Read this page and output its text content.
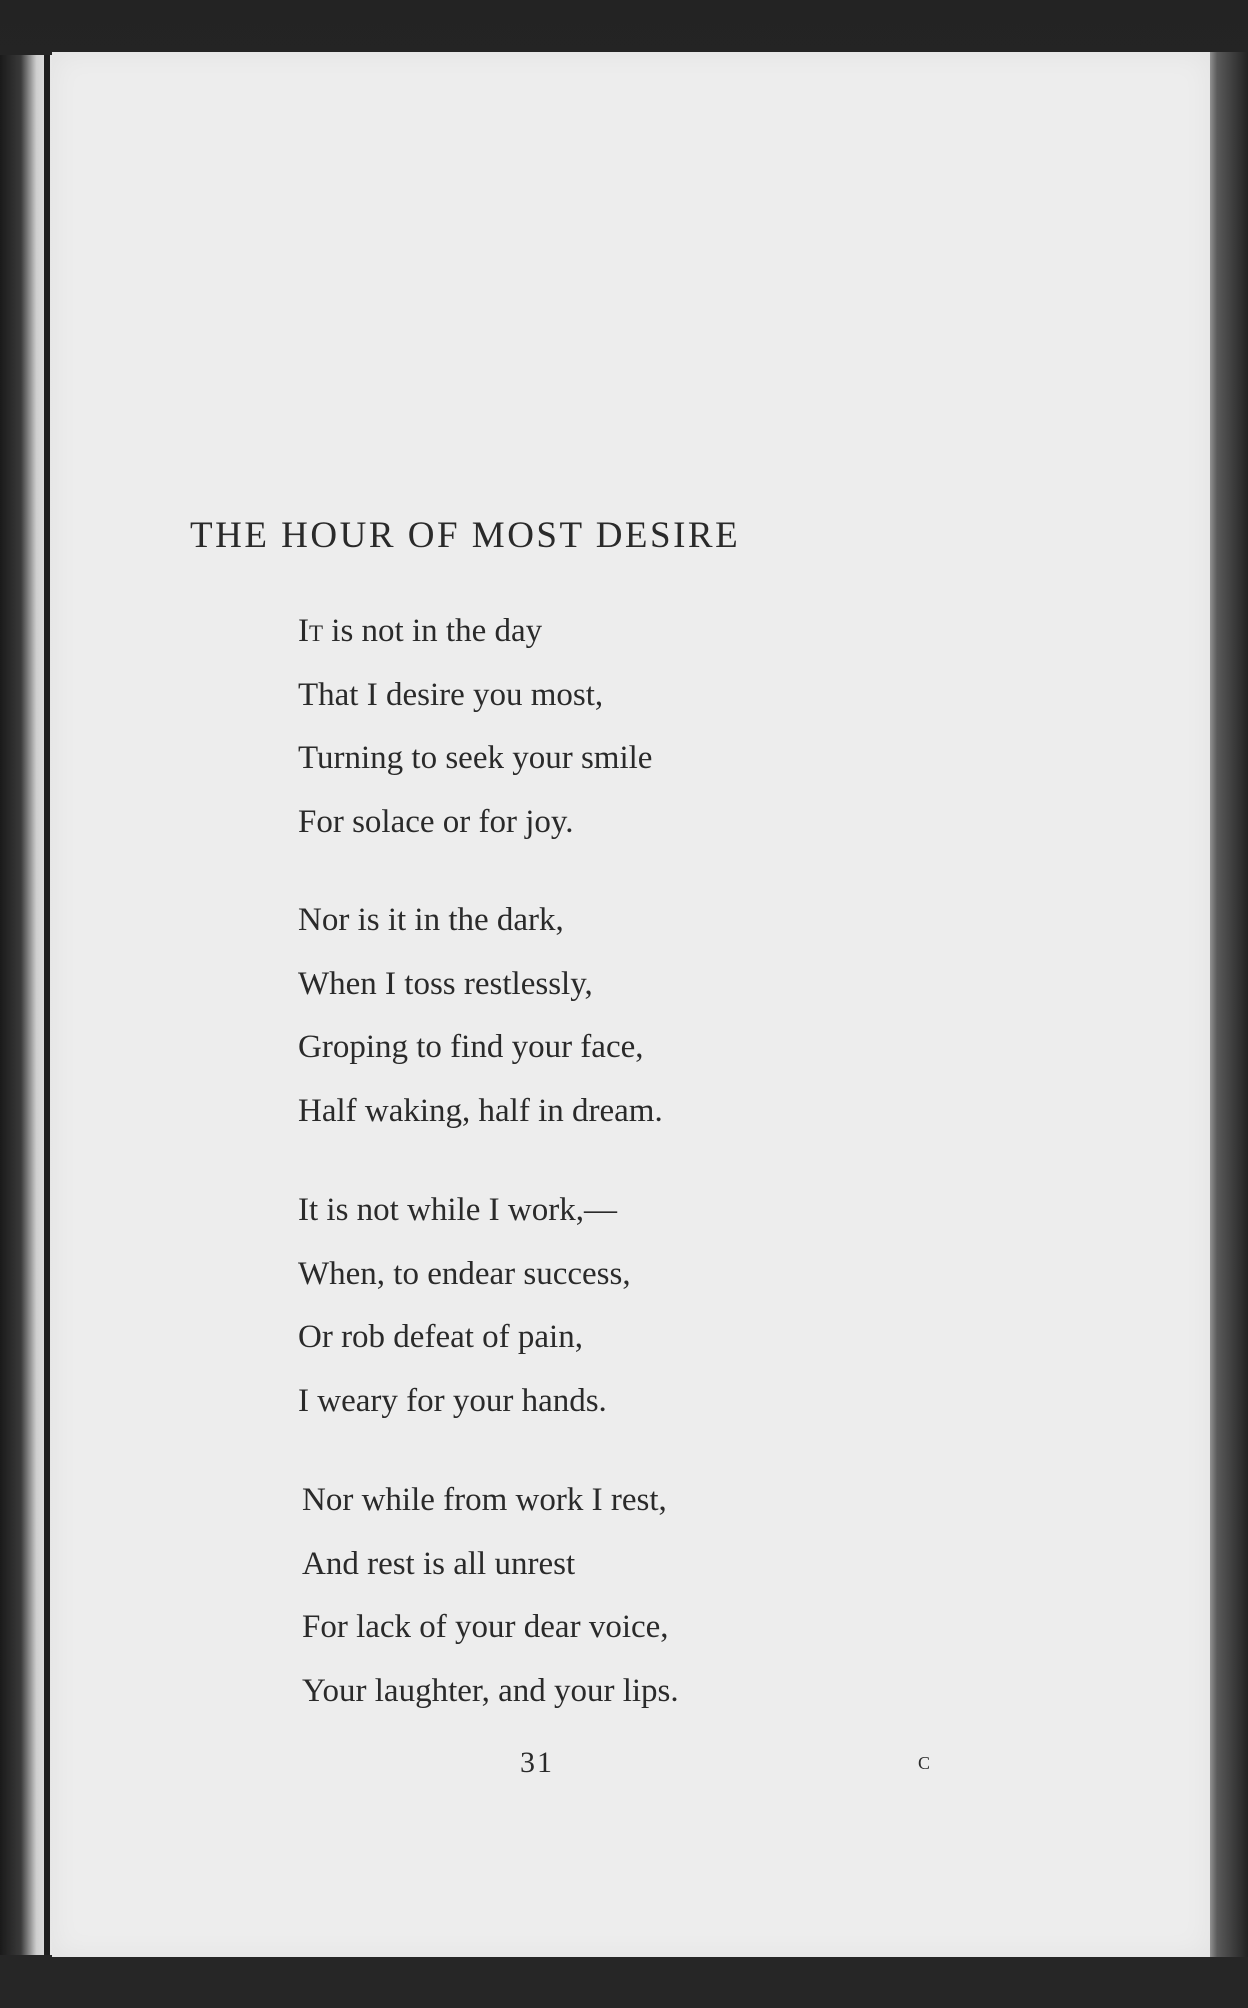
THE HOUR OF MOST DESIRE
It is not in the day
That I desire you most,
Turning to seek your smile
For solace or for joy.
Nor is it in the dark,
When I toss restlessly,
Groping to find your face,
Half waking, half in dream.
It is not while I work,—
When, to endear success,
Or rob defeat of pain,
I weary for your hands.
Nor while from work I rest,
And rest is all unrest
For lack of your dear voice,
Your laughter, and your lips.
31	c
